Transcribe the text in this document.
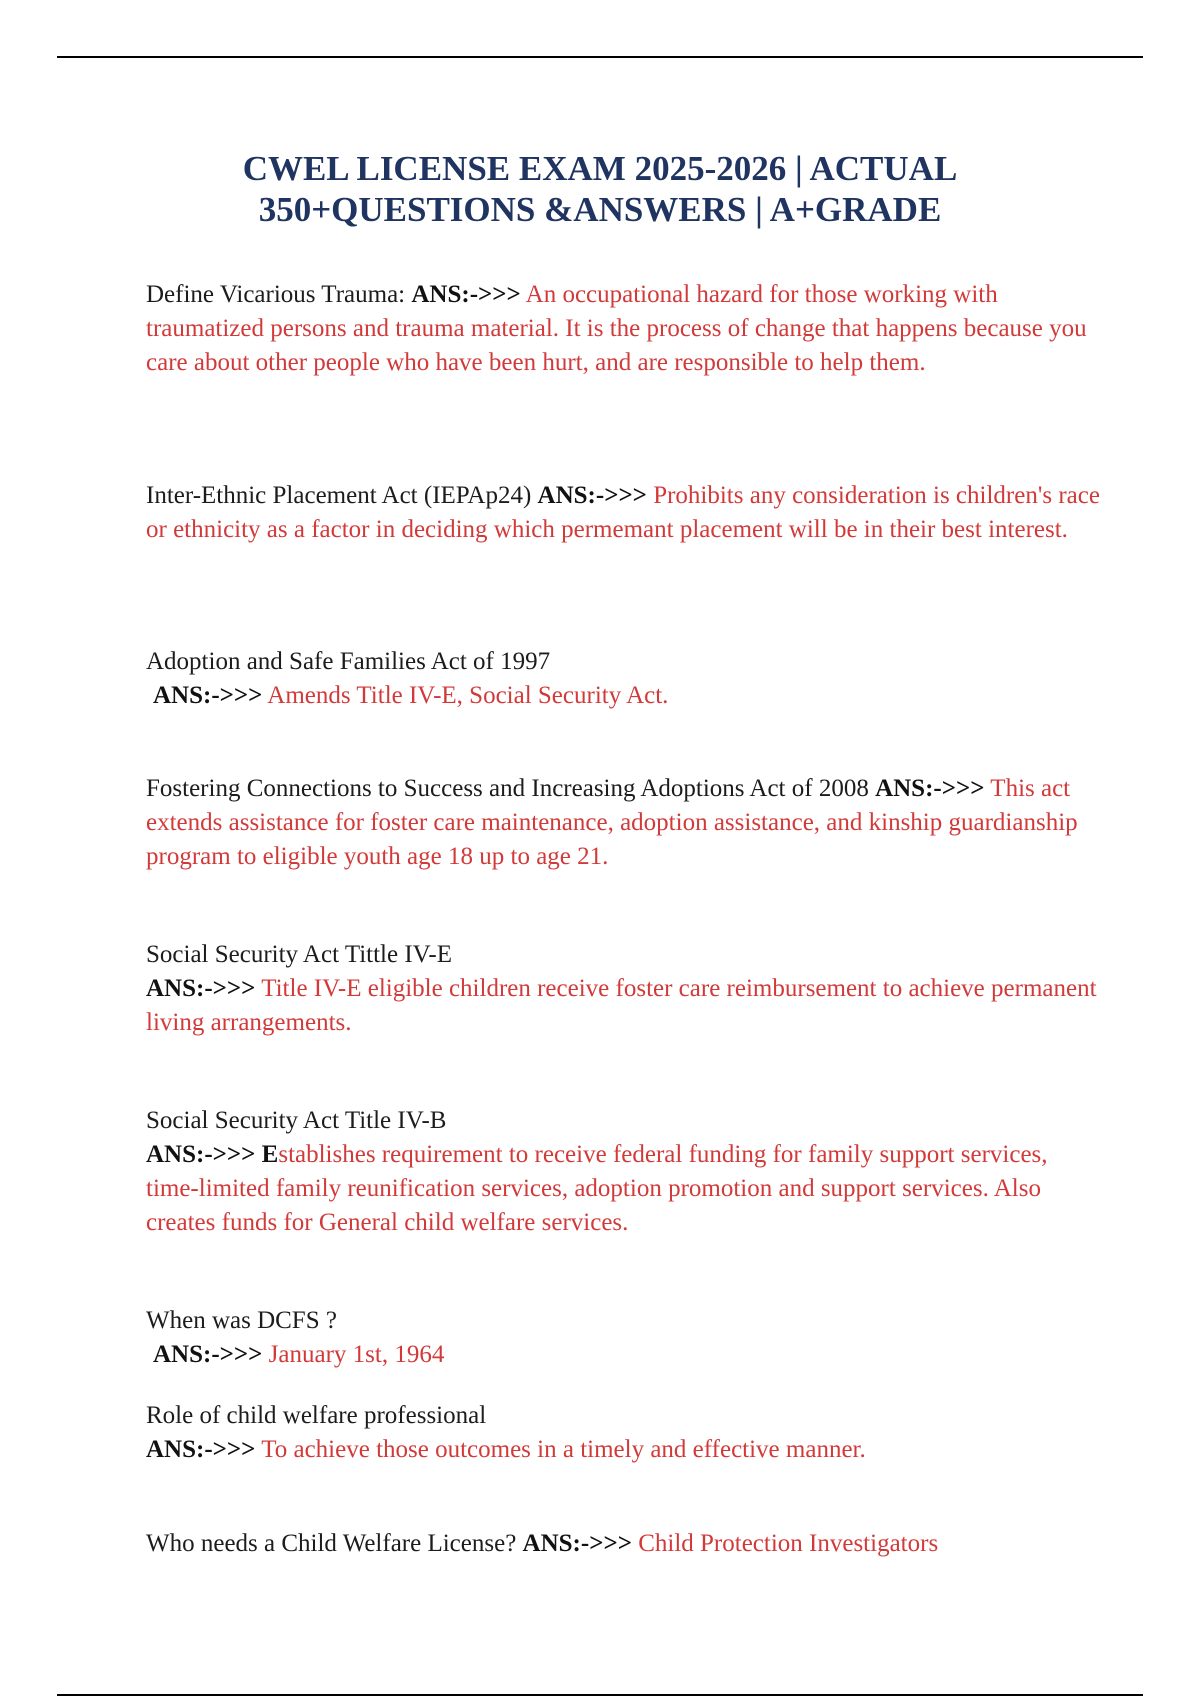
CWEL LICENSE EXAM 2025-2026 | ACTUAL
350+QUESTIONS &ANSWERS | A+GRADE
Define Vicarious Trauma: ANS:->>> An occupational hazard for those working with traumatized persons and trauma material. It is the process of change that happens because you care about other people who have been hurt, and are responsible to help them.
Inter-Ethnic Placement Act (IEPAp24) ANS:->>> Prohibits any consideration is children's race or ethnicity as a factor in deciding which permemant placement will be in their best interest.
Adoption and Safe Families Act of 1997
ANS:->>> Amends Title IV-E, Social Security Act.
Fostering Connections to Success and Increasing Adoptions Act of 2008 ANS:->>> This act extends assistance for foster care maintenance, adoption assistance, and kinship guardianship program to eligible youth age 18 up to age 21.
Social Security Act Tittle IV-E
ANS:->>> Title IV-E eligible children receive foster care reimbursement to achieve permanent living arrangements.
Social Security Act Title IV-B
ANS:->>> Establishes requirement to receive federal funding for family support services, time-limited family reunification services, adoption promotion and support services. Also creates funds for General child welfare services.
When was DCFS ?
ANS:->>> January 1st, 1964
Role of child welfare professional
ANS:->>> To achieve those outcomes in a timely and effective manner.
Who needs a Child Welfare License? ANS:->>> Child Protection Investigators
